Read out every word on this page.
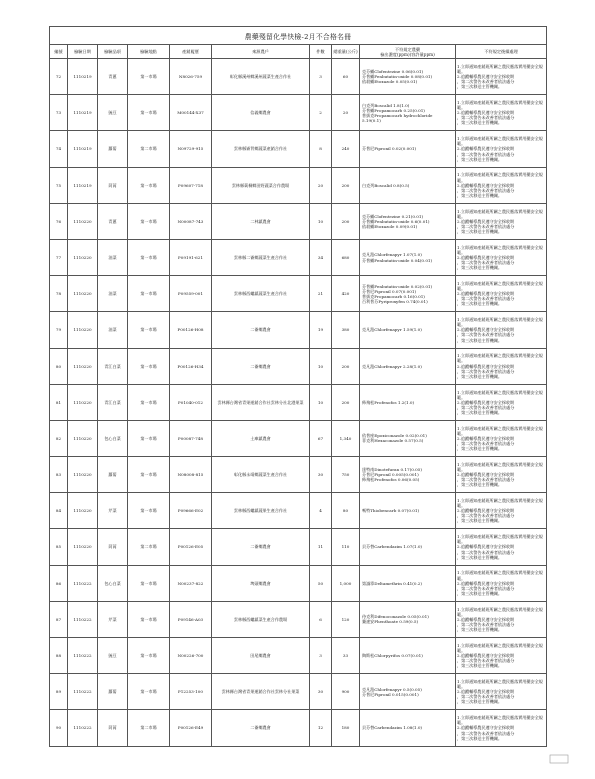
農藥殘留化學快檢-2月不合格名冊									
編號	檢驗日期	檢驗品項	檢驗地點	產銷履歷	來源農戶	件數	總重量(公斤)	不符規定農藥
檢出濃度(ppm)(容許量ppm)	不符規定後續處理
72	1110219	青蔥	第一市場	N8026-759	彰化縣溪州鄉溪州蔬菜生產合作社	3	60	克芬蟎Clofentezine 0.06(0.01)
芬普蟎Fenbutatin-oxide 0.08(0.01)
依殺蟎Etoxazole 0.05(0.01)	1.立即通知產銷班所屬之農民應落實用藥安全規範。
2.追蹤輔導農民遵守安全採收期
，第二次警告未改善者依法處分
，第三次移送主管機關。
73	1110219	豌豆	第一市場	M00144-X37	信義鄉農會	2	20	白克列Boscalid 1.8(1.0)
芬普蟎Propamocarb 0.25(0.01)
普拔克Propamocarb hydrochloride
5.19(0.1)	1.立即通知產銷班所屬之農民應落實用藥安全規範。
2.追蹤輔導農民遵守安全採收期
，第二次警告未改善者依法處分
，第三次移送主管機關。
74	1110219	蘿蔔	第二市場	N09729-915	雲林縣崙背鄉蔬菜產銷合作社	8	240	芬普尼Fipronil 0.02(0.001)	1.立即通知產銷班所屬之農民應落實用藥安全規範。
2.追蹤輔導農民遵守安全採收期
，第二次警告未改善者依法處分
，第三次移送主管機關。
75	1110219	茼蒿	第一市場	P09607-718	雲林縣莿桐鄉田野蔬菜合作農場	20	200	白克列Boscalid 0.8(0.5)	1.立即通知產銷班所屬之農民應落實用藥安全規範。
2.追蹤輔導農民遵守安全採收期
，第二次警告未改善者依法處分
，第三次移送主管機關。
76	1110220	青蔥	第一市場	N00087-743	二林鎮農會	10	200	克芬蟎Clofentezine 0.21(0.01)
芬普蟎Fenbutatin-oxide 0.6(0.01)
依殺蟎Etoxazole 0.09(0.01)	1.立即通知產銷班所屬之農民應落實用藥安全規範。
2.追蹤輔導農民遵守安全採收期
，第二次警告未改善者依法處分
，第三次移送主管機關。
77	1110220	油菜	第一市場	P09191-621	雲林縣二崙鄉蔬菜生產合作社	34	680	克凡派Chlorfenapyr 1.07(1.0)
芬普蟎Fenbutatin-oxide 0.04(0.01)	1.立即通知產銷班所屬之農民應落實用藥安全規範。
2.追蹤輔導農民遵守安全採收期
，第二次警告未改善者依法處分
，第三次移送主管機關。
78	1110220	油菜	第一市場	P09559-001	雲林縣西螺鎮蔬菜生產合作社	21	420	芬普蟎Fenbutatin-oxide 0.02(0.01)
芬普尼Fipronil 0.07(0.001)
普拔克Propamocarb 0.16(0.01)
百利普芬Pyriproxyfen 0.74(0.01)	1.立即通知產銷班所屬之農民應落實用藥安全規範。
2.追蹤輔導農民遵守安全採收期
，第二次警告未改善者依法處分
，第三次移送主管機關。
79	1110220	油菜	第一市場	P00126-H08	二崙鄉農會	19	380	克凡派Chlorfenapyr 1.59(1.0)	1.立即通知產銷班所屬之農民應落實用藥安全規範。
2.追蹤輔導農民遵守安全採收期
，第二次警告未改善者依法處分
，第三次移送主管機關。
80	1110220	青江白菜	第一市場	P00126-H34	二崙鄉農會	10	200	克凡派Chlorfenapyr 2.28(1.0)	1.立即通知產銷班所屬之農民應落實用藥安全規範。
2.追蹤輔導農民遵守安全採收期
，第二次警告未改善者依法處分
，第三次移送主管機關。
81	1110220	青江白菜	第一市場	P01040-012	雲林縣台灣省青果運銷合作社雲林分社北港果菜	10	200	佈飛松Profenofos 1.2(1.0)	1.立即通知產銷班所屬之農民應落實用藥安全規範。
2.追蹤輔導農民遵守安全採收期
，第二次警告未改善者依法處分
，第三次移送主管機關。
82	1110220	包心白菜	第一市場	P00087-748	土庫鎮農會	67	1,340	依普座Epoxiconazole 0.02(0.01)
菲克利Hexaconazole 0.57(0.5)	1.立即通知產銷班所屬之農民應落實用藥安全規範。
2.追蹤輔導農民遵守安全採收期
，第二次警告未改善者依法處分
，第三次移送主管機關。
83	1110220	蘿蔔	第一市場	N08008-815	彰化縣永靖鄉蔬菜生產合作社	30	750	達特南Dinotefuran 0.17(0.05)
芬普尼Fipronil 0.005(0.001)
佈飛松Profenofos 0.06(0.05)	1.立即通知產銷班所屬之農民應落實用藥安全規範。
2.追蹤輔導農民遵守安全採收期
，第二次警告未改善者依法處分
，第三次移送主管機關。
84	1110220	芹菜	第一市場	P09666-E02	雲林縣西螺鎮蔬果生產合作社	4	80	嗎特Thiobencarb 0.07(0.01)	1.立即通知產銷班所屬之農民應落實用藥安全規範。
2.追蹤輔導農民遵守安全採收期
，第二次警告未改善者依法處分
，第三次移送主管機關。
85	1110220	茼蒿	第二市場	P00126-E05	二崙鄉農會	11	110	貝芬替Carbendazim 1.07(1.0)	1.立即通知產銷班所屬之農民應落實用藥安全規範。
2.追蹤輔導農民遵守安全採收期
，第二次警告未改善者依法處分
，第三次移送主管機關。
86	1110222	包心白菜	第一市場	N00237-822	埤頭鄉農會	50	1,000	第滅寧Deltamethrin 0.41(0.2)	1.立即通知產銷班所屬之農民應落實用藥安全規範。
2.追蹤輔導農民遵守安全採收期
，第二次警告未改善者依法處分
，第三次移送主管機關。
87	1110222	芹菜	第一市場	P09146-A03	雲林縣西螺鎮菜生產合作農場	6	120	待克利Difenoconazole 0.05(0.01)
賽速安Phenthoate 0.59(0.5)	1.立即通知產銷班所屬之農民應落實用藥安全規範。
2.追蹤輔導農民遵守安全採收期
，第二次警告未改善者依法處分
，第三次移送主管機關。
88	1110222	豌豆	第一市場	N00226-700	田尾鄉農會	3	33	陶斯松Chlorpyrifos 0.07(0.01)	1.立即通知產銷班所屬之農民應落實用藥安全規範。
2.追蹤輔導農民遵守安全採收期
，第二次警告未改善者依法處分
，第三次移送主管機關。
89	1110222	蘿蔔	第一市場	P12253-100	雲林縣台灣省青果運銷合作社雲林分社果菜	30	900	克凡派Chlorfenapyr 0.5(0.05)
芬普尼Fipronil 0.015(0.001)	1.立即通知產銷班所屬之農民應落實用藥安全規範。
2.追蹤輔導農民遵守安全採收期
，第二次警告未改善者依法處分
，第三次移送主管機關。
90	1110222	茼蒿	第二市場	P00126-E49	二崙鄉農會	12	180	貝芬替Carbendazim 1.08(1.0)	1.立即通知產銷班所屬之農民應落實用藥安全規範。
2.追蹤輔導農民遵守安全採收期
，第二次警告未改善者依法處分
，第三次移送主管機關。
